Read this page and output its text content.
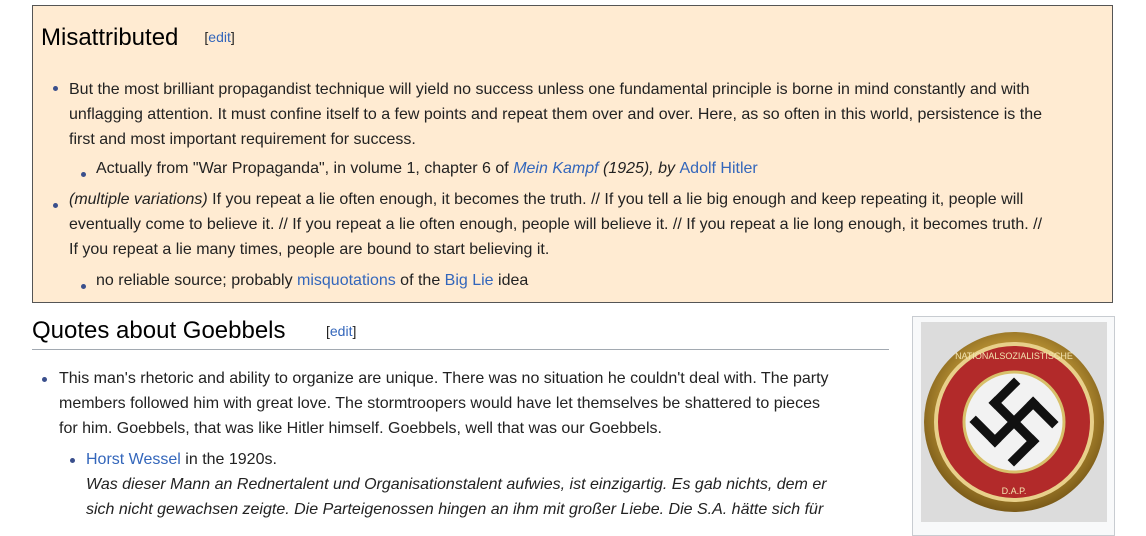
Misattributed [edit]
But the most brilliant propagandist technique will yield no success unless one fundamental principle is borne in mind constantly and with
unflagging attention. It must confine itself to a few points and repeat them over and over. Here, as so often in this world, persistence is the
first and most important requirement for success.
Actually from "War Propaganda", in volume 1, chapter 6 of Mein Kampf (1925), by Adolf Hitler
(multiple variations) If you repeat a lie often enough, it becomes the truth. // If you tell a lie big enough and keep repeating it, people will
eventually come to believe it. // If you repeat a lie often enough, people will believe it. // If you repeat a lie long enough, it becomes truth. //
If you repeat a lie many times, people are bound to start believing it.
no reliable source; probably misquotations of the Big Lie idea
Quotes about Goebbels	[edit]
This man's rhetoric and ability to organize are unique. There was no situation he couldn't deal with. The party
members followed him with great love. The stormtroopers would have let themselves be shattered to pieces
for him. Goebbels, that was like Hitler himself. Goebbels, well that was our Goebbels.
Horst Wessel in the 1920s.
Was dieser Mann an Rednertalent und Organisationstalent aufwies, ist einzigartig. Es gab nichts, dem er
sich nicht gewachsen zeigte. Die Parteigenossen hingen an ihm mit großer Liebe. Die S.A. hätte sich für
NATIONALSOZIALISTISCHE
D.A.P.
